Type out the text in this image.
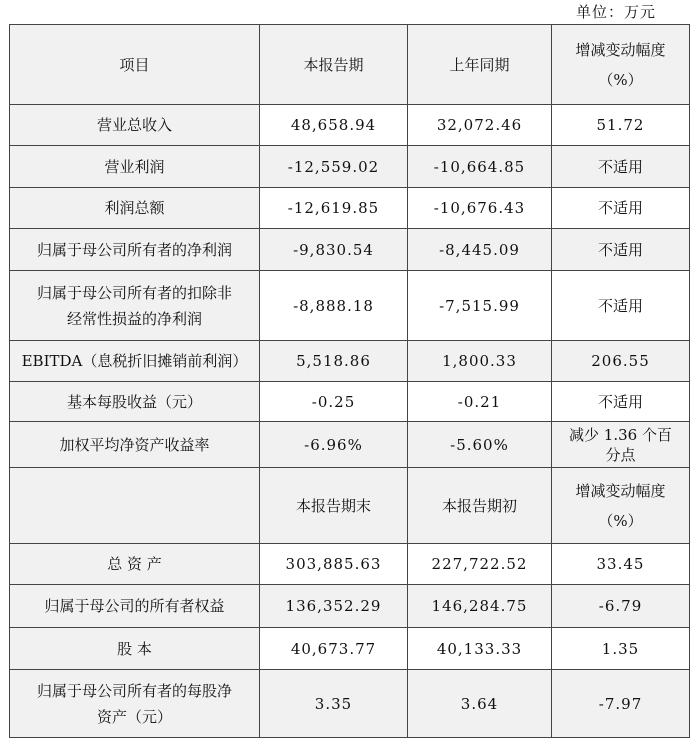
单位：万元
项目	本报告期	上年同期	增减变动幅度
（%）

营业总收入	48,658.94	32,072.46	51.72
营业利润	-12,559.02	-10,664.85	不适用
利润总额	-12,619.85	-10,676.43	不适用
归属于母公司所有者的净利润	-9,830.54	-8,445.09	不适用

归属于母公司所有者的扣除非
经常性损益的净利润	-8,888.18	-7,515.99	不适用
EBITDA（息税折旧摊销前利润）	5,518.86	1,800.33	206.55
基本每股收益（元）	-0.25	-0.21	不适用
加权平均净资产收益率	-6.96%	-5.60%	减少 1.36 个百
分点

	本报告期末	本报告期初	增减变动幅度
（%）

总 资 产	303,885.63	227,722.52	33.45
归属于母公司的所有者权益	136,352.29	146,284.75	-6.79
股 本	40,673.77	40,133.33	1.35

归属于母公司所有者的每股净
资产（元）	3.35	3.64	-7.97
